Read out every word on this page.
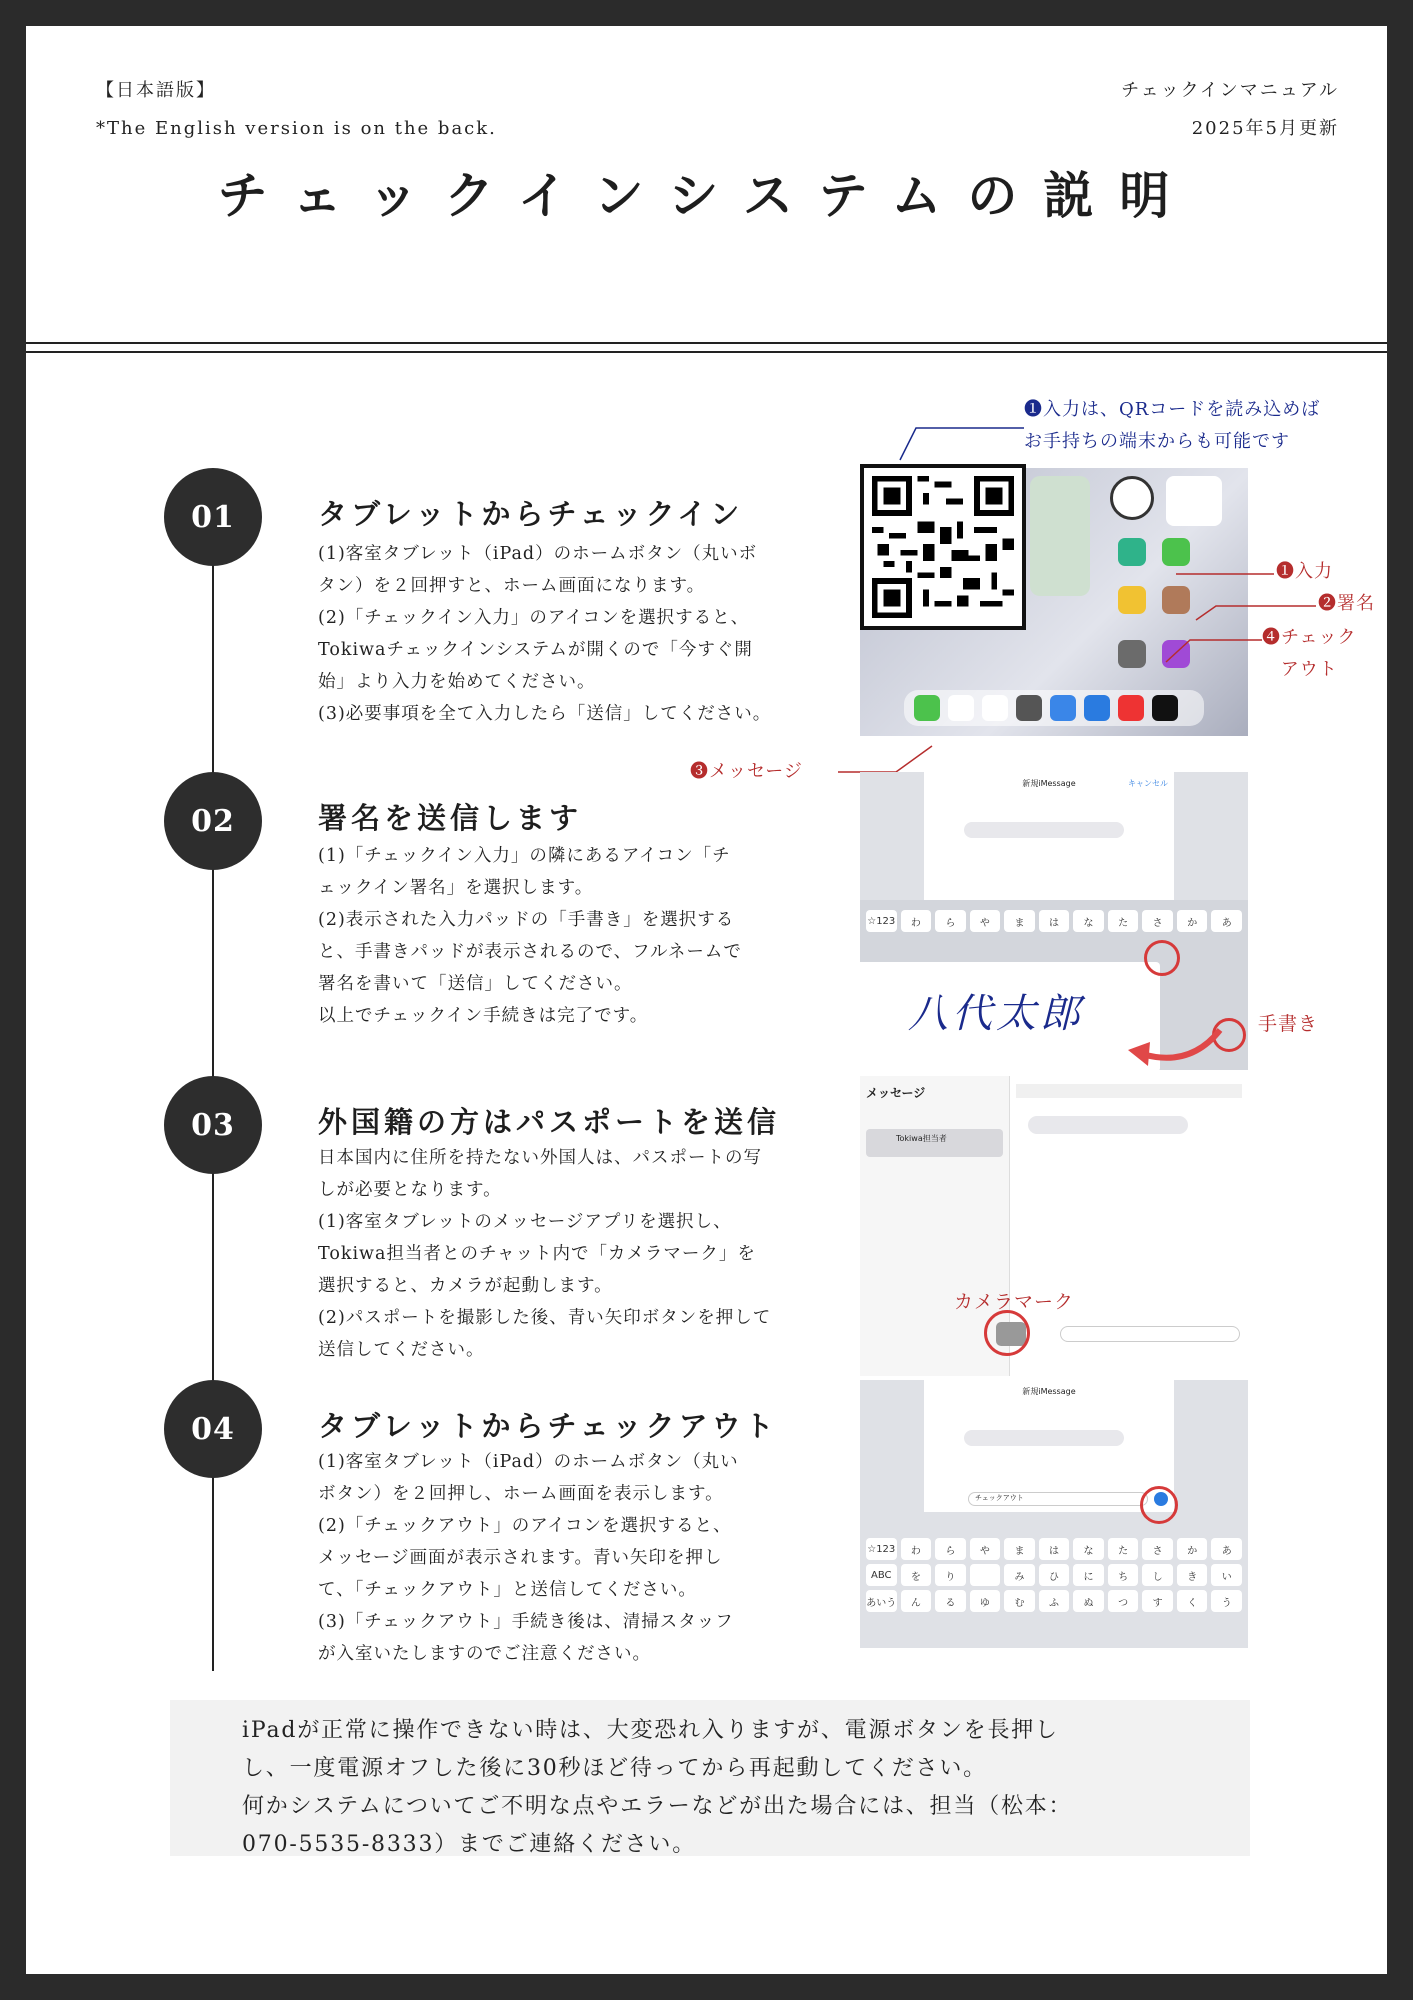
【日本語版】
*The English version is on the back.
チェックインマニュアル
2025年5月更新
チェックインシステムの説明
01	タブレットからチェックイン

(1)客室タブレット（iPad）のホームボタン（丸いボ

タン）を２回押すと、ホーム画面になります。

(2)「チェックイン入力」のアイコンを選択すると、

Tokiwaチェックインシステムが開くので「今すぐ開

始」より入力を始めてください。

(3)必要事項を全て入力したら「送信」してください。

02	署名を送信します

(1)「チェックイン入力」の隣にあるアイコン「チ

ェックイン署名」を選択します。

(2)表示された入力パッドの「手書き」を選択する

と、手書きパッドが表示されるので、フルネームで

署名を書いて「送信」してください。

以上でチェックイン手続きは完了です。

03	外国籍の方はパスポートを送信

日本国内に住所を持たない外国人は、パスポートの写

しが必要となります。

(1)客室タブレットのメッセージアプリを選択し、

Tokiwa担当者とのチャット内で「カメラマーク」を

選択すると、カメラが起動します。

(2)パスポートを撮影した後、青い矢印ボタンを押して

送信してください。

04	タブレットからチェックアウト

(1)客室タブレット（iPad）のホームボタン（丸い

ボタン）を２回押し、ホーム画面を表示します。

(2)「チェックアウト」のアイコンを選択すると、

メッセージ画面が表示されます。青い矢印を押し

て、「チェックアウト」と送信してください。

(3)「チェックアウト」手続き後は、清掃スタッフ

が入室いたしますのでご注意ください。

❶入力は、QRコードを読み込めば
お手持ちの端末からも可能です
❶入力
❷署名
❹チェック
アウト
❸メッセージ
新規iMessage	キャンセル
☆123	わ	ら	や	ま	は	な	た	さ	か	あ
八代太郎	手書き
メッセージ
Tokiwa担当者
カメラマーク
新規iMessage
チェックアウト
☆123	わ	ら	や	ま	は	な	た	さ	か	あ
ABC	を	り
	み	ひ	に	ち	し	き	い
あいう	ん	る	ゆ	む	ふ	ぬ	つ	す	く	う

iPadが正常に操作できない時は、大変恐れ入りますが、電源ボタンを長押し

し、一度電源オフした後に30秒ほど待ってから再起動してください。

何かシステムについてご不明な点やエラーなどが出た場合には、担当（松本：

070-5535-8333）までご連絡ください。
